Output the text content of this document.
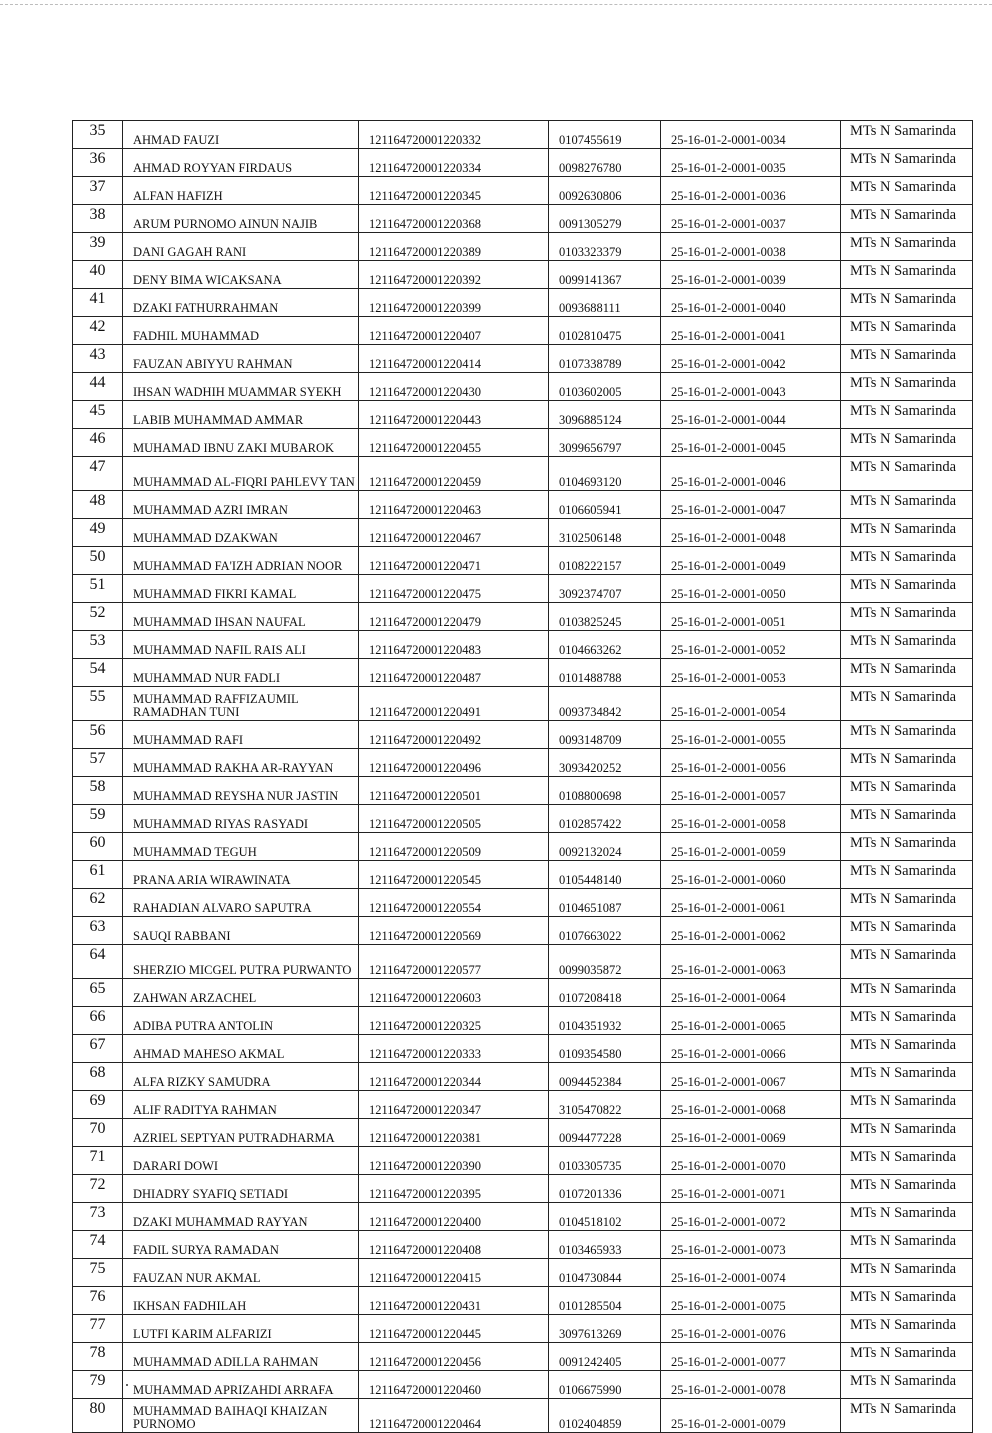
35	AHMAD FAUZI	121164720001220332	0107455619	25-16-01-2-0001-0034	MTs N Samarinda
36	AHMAD ROYYAN FIRDAUS	121164720001220334	0098276780	25-16-01-2-0001-0035	MTs N Samarinda
37	ALFAN HAFIZH	121164720001220345	0092630806	25-16-01-2-0001-0036	MTs N Samarinda
38	ARUM PURNOMO AINUN NAJIB	121164720001220368	0091305279	25-16-01-2-0001-0037	MTs N Samarinda
39	DANI GAGAH RANI	121164720001220389	0103323379	25-16-01-2-0001-0038	MTs N Samarinda
40	DENY BIMA WICAKSANA	121164720001220392	0099141367	25-16-01-2-0001-0039	MTs N Samarinda
41	DZAKI FATHURRAHMAN	121164720001220399	0093688111	25-16-01-2-0001-0040	MTs N Samarinda
42	FADHIL MUHAMMAD	121164720001220407	0102810475	25-16-01-2-0001-0041	MTs N Samarinda
43	FAUZAN ABIYYU RAHMAN	121164720001220414	0107338789	25-16-01-2-0001-0042	MTs N Samarinda
44	IHSAN WADHIH MUAMMAR SYEKH	121164720001220430	0103602005	25-16-01-2-0001-0043	MTs N Samarinda
45	LABIB MUHAMMAD AMMAR	121164720001220443	3096885124	25-16-01-2-0001-0044	MTs N Samarinda
46	MUHAMAD IBNU ZAKI MUBAROK	121164720001220455	3099656797	25-16-01-2-0001-0045	MTs N Samarinda
47	MUHAMMAD AL-FIQRI PAHLEVY TAN	121164720001220459	0104693120	25-16-01-2-0001-0046	MTs N Samarinda
48	MUHAMMAD AZRI IMRAN	121164720001220463	0106605941	25-16-01-2-0001-0047	MTs N Samarinda
49	MUHAMMAD DZAKWAN	121164720001220467	3102506148	25-16-01-2-0001-0048	MTs N Samarinda
50	MUHAMMAD FA'IZH ADRIAN NOOR	121164720001220471	0108222157	25-16-01-2-0001-0049	MTs N Samarinda
51	MUHAMMAD FIKRI KAMAL	121164720001220475	3092374707	25-16-01-2-0001-0050	MTs N Samarinda
52	MUHAMMAD IHSAN NAUFAL	121164720001220479	0103825245	25-16-01-2-0001-0051	MTs N Samarinda
53	MUHAMMAD NAFIL RAIS ALI	121164720001220483	0104663262	25-16-01-2-0001-0052	MTs N Samarinda
54	MUHAMMAD NUR FADLI	121164720001220487	0101488788	25-16-01-2-0001-0053	MTs N Samarinda
55	MUHAMMAD RAFFIZAUMIL RAMADHAN TUNI	121164720001220491	0093734842	25-16-01-2-0001-0054	MTs N Samarinda
56	MUHAMMAD RAFI	121164720001220492	0093148709	25-16-01-2-0001-0055	MTs N Samarinda
57	MUHAMMAD RAKHA AR-RAYYAN	121164720001220496	3093420252	25-16-01-2-0001-0056	MTs N Samarinda
58	MUHAMMAD REYSHA NUR JASTIN	121164720001220501	0108800698	25-16-01-2-0001-0057	MTs N Samarinda
59	MUHAMMAD RIYAS RASYADI	121164720001220505	0102857422	25-16-01-2-0001-0058	MTs N Samarinda
60	MUHAMMAD TEGUH	121164720001220509	0092132024	25-16-01-2-0001-0059	MTs N Samarinda
61	PRANA ARIA WIRAWINATA	121164720001220545	0105448140	25-16-01-2-0001-0060	MTs N Samarinda
62	RAHADIAN ALVARO SAPUTRA	121164720001220554	0104651087	25-16-01-2-0001-0061	MTs N Samarinda
63	SAUQI RABBANI	121164720001220569	0107663022	25-16-01-2-0001-0062	MTs N Samarinda
64	SHERZIO MICGEL PUTRA PURWANTO	121164720001220577	0099035872	25-16-01-2-0001-0063	MTs N Samarinda
65	ZAHWAN ARZACHEL	121164720001220603	0107208418	25-16-01-2-0001-0064	MTs N Samarinda
66	ADIBA PUTRA ANTOLIN	121164720001220325	0104351932	25-16-01-2-0001-0065	MTs N Samarinda
67	AHMAD MAHESO AKMAL	121164720001220333	0109354580	25-16-01-2-0001-0066	MTs N Samarinda
68	ALFA RIZKY SAMUDRA	121164720001220344	0094452384	25-16-01-2-0001-0067	MTs N Samarinda
69	ALIF RADITYA RAHMAN	121164720001220347	3105470822	25-16-01-2-0001-0068	MTs N Samarinda
70	AZRIEL SEPTYAN PUTRADHARMA	121164720001220381	0094477228	25-16-01-2-0001-0069	MTs N Samarinda
71	DARARI DOWI	121164720001220390	0103305735	25-16-01-2-0001-0070	MTs N Samarinda
72	DHIADRY SYAFIQ SETIADI	121164720001220395	0107201336	25-16-01-2-0001-0071	MTs N Samarinda
73	DZAKI MUHAMMAD RAYYAN	121164720001220400	0104518102	25-16-01-2-0001-0072	MTs N Samarinda
74	FADIL SURYA RAMADAN	121164720001220408	0103465933	25-16-01-2-0001-0073	MTs N Samarinda
75	FAUZAN NUR AKMAL	121164720001220415	0104730844	25-16-01-2-0001-0074	MTs N Samarinda
76	IKHSAN FADHILAH	121164720001220431	0101285504	25-16-01-2-0001-0075	MTs N Samarinda
77	LUTFI KARIM ALFARIZI	121164720001220445	3097613269	25-16-01-2-0001-0076	MTs N Samarinda
78	MUHAMMAD ADILLA RAHMAN	121164720001220456	0091242405	25-16-01-2-0001-0077	MTs N Samarinda
79	MUHAMMAD APRIZAHDI ARRAFA	121164720001220460	0106675990	25-16-01-2-0001-0078	MTs N Samarinda
80	MUHAMMAD BAIHAQI KHAIZAN PURNOMO	121164720001220464	0102404859	25-16-01-2-0001-0079	MTs N Samarinda
